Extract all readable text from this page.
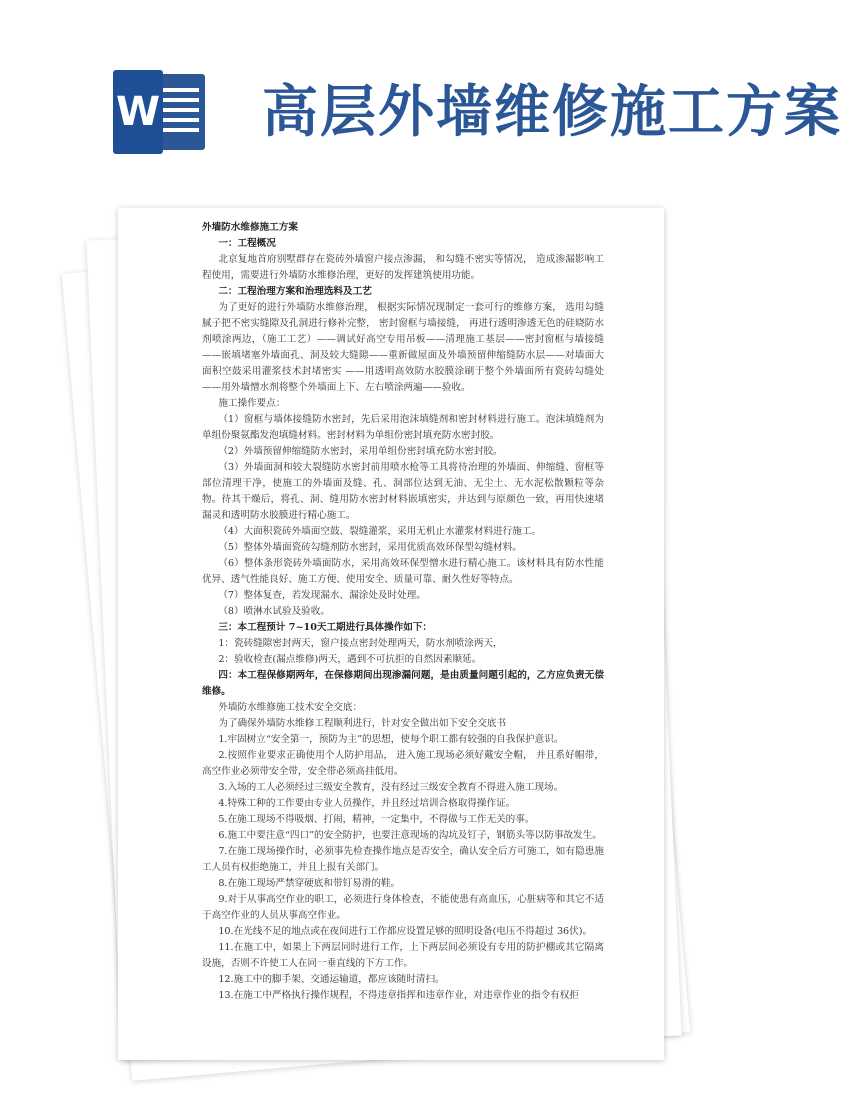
W 高层外墙维修施工方案

外墙防水维修施工方案

一：工程概况

北京复地首府别墅群存在瓷砖外墙窗户接点渗漏， 和勾缝不密实等情况， 造成渗漏影响工程使用，需要进行外墙防水维修治理，更好的发挥建筑使用功能。

二：工程治理方案和治理选料及工艺

为了更好的进行外墙防水维修治理， 根据实际情况现制定一套可行的维修方案， 选用勾缝腻子把不密实缝隙及孔洞进行修补完整， 密封窗框与墙接缝， 再进行透明渗透无色的硅晓防水剂喷涂两边，（施工工艺）——调试好高空专用吊板——清理施工基层——密封窗框与墙接缝——嵌填堵塞外墙面孔、洞及较大缝隙——重新做屋面及外墙预留伸缩缝防水层——对墙面大面积空鼓采用灌浆技术封堵密实 ——用透明高效防水胶膜涂刷于整个外墙面所有瓷砖勾缝处——用外墙憎水剂将整个外墙面上下、左右喷涂两遍——验收。

施工操作要点：

（1）窗框与墙体接缝防水密封，先后采用泡沫填缝剂和密封材料进行施工。泡沫填缝剂为单组份聚氨酯发泡填缝材料。密封材料为单组份密封填充防水密封胶。

（2）外墙预留伸缩缝防水密封，采用单组份密封填充防水密封胶。

（3）外墙面洞和较大裂缝防水密封前用喷水枪等工具将待治理的外墙面、伸缩缝、窗框等部位清理干净，使施工的外墙面及缝、孔、洞部位达到无油、无尘土、无水泥松散颗粒等杂物。待其干燥后，将孔、洞、缝用防水密封材料嵌填密实，并达到与原颜色一致，再用快速堵漏灵和透明防水胶膜进行精心施工。

（4）大面积瓷砖外墙面空鼓、裂缝灌浆，采用无机止水灌浆材料进行施工。

（5）整体外墙面瓷砖勾缝剂防水密封，采用优质高效环保型勾缝材料。

（6）整体条形瓷砖外墙面防水，采用高效环保型憎水进行精心施工。该材料具有防水性能优异、透气性能良好、施工方便、使用安全、质量可靠、耐久性好等特点。

（7）整体复查，若发现漏水、漏涂处及时处理。

（8）喷淋水试验及验收。

三：本工程预计 7~10天工期进行具体操作如下：

1：瓷砖缝隙密封两天，窗户接点密封处理两天，防水剂喷涂两天，

2：验收检查(漏点维修)两天，遇到不可抗拒的自然因素顺延。

四：本工程保修期两年，在保修期间出现渗漏问题，是由质量问题引起的，乙方应负责无偿维修。

外墙防水维修施工技术安全交底：

为了确保外墙防水维修工程顺利进行，针对安全做出如下安全交底书

1.牢固树立“安全第一，预防为主”的思想，使每个职工都有较强的自我保护意识。

2.按照作业要求正确使用个人防护用品， 进入施工现场必须好戴安全帽， 并且系好帽带，高空作业必须带安全带，安全带必须高挂低用。

3.入场的工人必须经过三级安全教育，没有经过三级安全教育不得进入施工现场。

4.特殊工种的工作要由专业人员操作，并且经过培训合格取得操作证。

5.在施工现场不得吸烟、打闹，精神，一定集中，不得做与工作无关的事。

6.施工中要注意“四口”的安全防护，也要注意现场的沟坑及钉子，钢筋头等以防事故发生。

7.在施工现场操作时，必须事先检查操作地点是否安全，确认安全后方可施工，如有隐患施工人员有权拒绝施工，并且上报有关部门。

8.在施工现场严禁穿硬底和带钉易滑的鞋。

9.对于从事高空作业的职工，必须进行身体检查，不能使患有高血压，心脏病等和其它不适于高空作业的人员从事高空作业。

10.在光线不足的地点或在夜间进行工作都应设置足够的照明设备(电压不得超过 36伏)。

11.在施工中，如果上下两层同时进行工作，上下两层间必须设有专用的防护棚或其它隔离设施，否则不许使工人在同一垂直线的下方工作。

12.施工中的脚手架、交通运输道，都应该随时清扫。

13.在施工中严格执行操作规程，不得违章指挥和违章作业，对违章作业的指令有权拒
